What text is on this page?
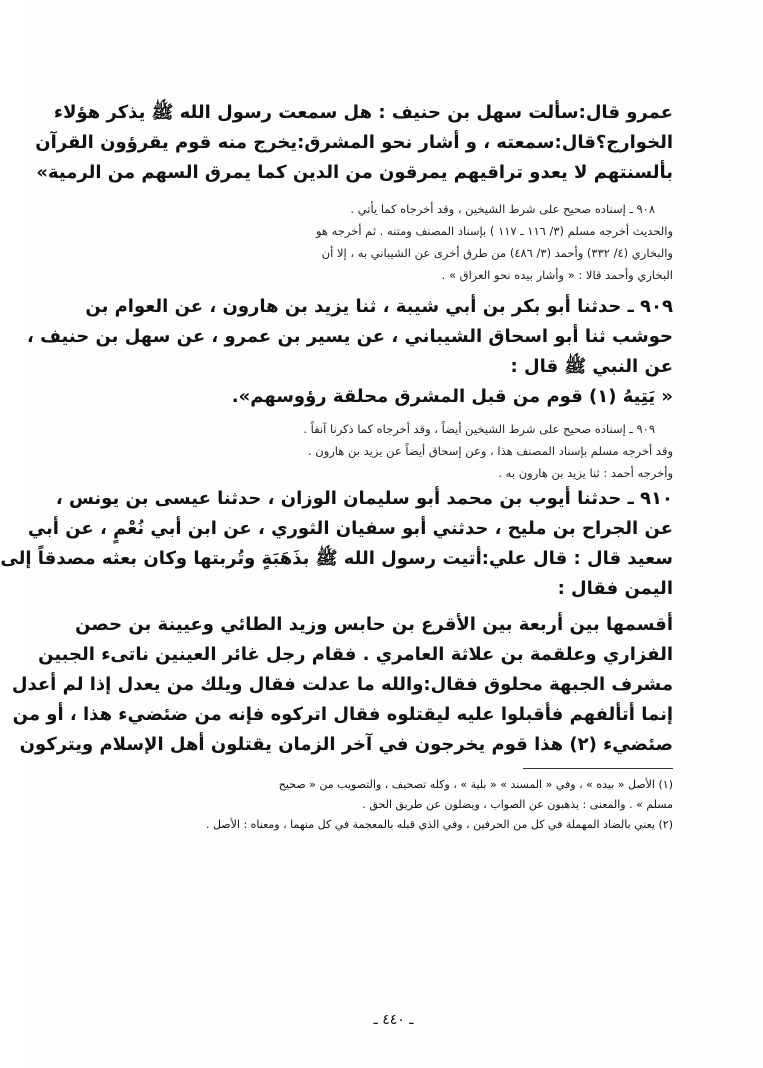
عمرو قال:سألت سهل بن حنيف : هل سمعت رسول الله ﷺ يذكر هؤلاء
الخوارج؟قال:سمعته ، و أشار نحو المشرق:يخرج منه قوم يقرؤون القرآن
بألسنتهم لا يعدو تراقيهم يمرقون من الدين كما يمرق السهم من الرمية»
٩٠٨ ـ إسناده صحيح على شرط الشيخين ، وقد أخرجاه كما يأتي .
والحديث أخرجه مسلم (٣/ ١١٦ ـ ١١٧ ) بإسناد المصنف ومتنه . ثم أخرجه هو
والبخاري (٤/ ٣٣٢) وأحمد (٣/ ٤٨٦) من طرق أخرى عن الشيباني به ، إلا أن
البخاري وأحمد قالا : « وأشار بيده نحو العراق » .
٩٠٩ ـ حدثنا أبو بكر بن أبي شيبة ، ثنا يزيد بن هارون ، عن العوام بن
حوشب ثنا أبو اسحاق الشيباني ، عن يسير بن عمرو ، عن سهل بن حنيف ،
عن النبي ﷺ قال :
« يَتِيهُ (١) قوم من قبل المشرق محلقة رؤوسهم».
٩٠٩ ـ إسناده صحيح على شرط الشيخين أيضاً ، وقد أخرجاه كما ذكرنا آنفاً .
وقد أخرجه مسلم بإسناد المصنف هذا ، وعن إسحاق أيضاً عن يزيد بن هارون .
وأخرجه أحمد : ثنا يزيد بن هارون به .
٩١٠ ـ حدثنا أيوب بن محمد أبو سليمان الوزان ، حدثنا عيسى بن يونس ،
عن الجراح بن مليح ، حدثني أبو سفيان الثوري ، عن ابن أبي نُعْمٍ ، عن أبي
سعيد قال : قال علي:أتيت رسول الله ﷺ بذَهَبَةٍ وتُربتها وكان بعثه مصدقاً إلى
اليمن فقال :
أقسمها بين أربعة بين الأقرع بن حابس وزيد الطائي وعيينة بن حصن
الفزاري وعلقمة بن علاثة العامري . فقام رجل غائر العينين ناتىء الجبين
مشرف الجبهة محلوق فقال:والله ما عدلت فقال ويلك من يعدل إذا لم أعدل
إنما أتألفهم فأقبلوا عليه ليقتلوه فقال اتركوه فإنه من ضئضيء هذا ، أو من
صئضيء (٢) هذا قوم يخرجون في آخر الزمان يقتلون أهل الإسلام ويتركون
(١) الأصل « بيده » ، وفي « المسند » « بلية » ، وكله تصحيف ، والتصويب من « صحيح
مسلم » . والمعنى : يذهبون عن الصواب ، ويضلون عن طريق الحق .
(٢) يعني بالضاد المهملة في كل من الحرفين ، وفي الذي قبله بالمعجمة في كل منهما ، ومعناه : الأصل .
ـ ٤٤٠ ـ
